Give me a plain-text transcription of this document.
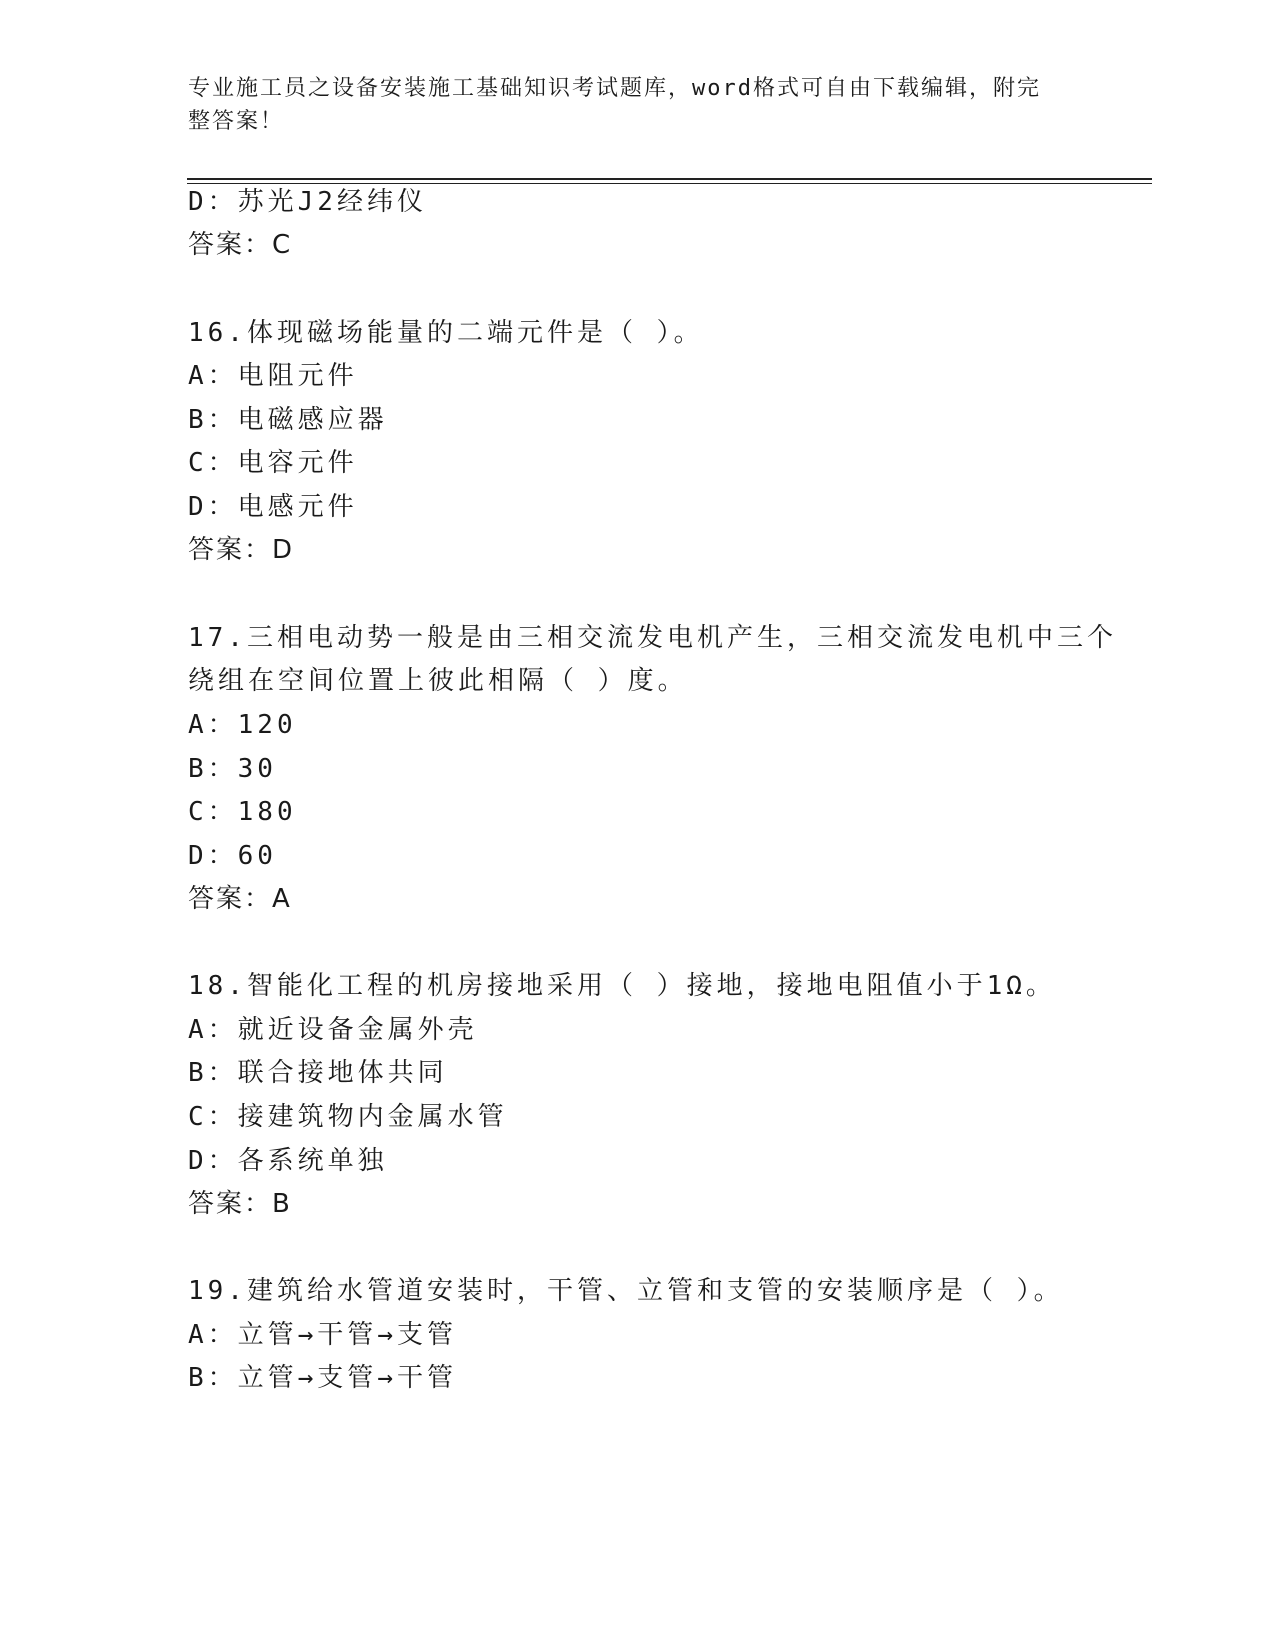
专业施工员之设备安装施工基础知识考试题库，word格式可自由下载编辑，附完
整答案！
D：苏光J2经纬仪
答案：C
16.体现磁场能量的二端元件是（ ）。
A：电阻元件
B：电磁感应器
C：电容元件
D：电感元件
答案：D
17.三相电动势一般是由三相交流发电机产生，三相交流发电机中三个
绕组在空间位置上彼此相隔（ ）度。
A：120
B：30
C：180
D：60
答案：A
18.智能化工程的机房接地采用（ ）接地，接地电阻值小于1Ω。
A：就近设备金属外壳
B：联合接地体共同
C：接建筑物内金属水管
D：各系统单独
答案：B
19.建筑给水管道安装时，干管、立管和支管的安装顺序是（ ）。
A：立管→干管→支管
B：立管→支管→干管
